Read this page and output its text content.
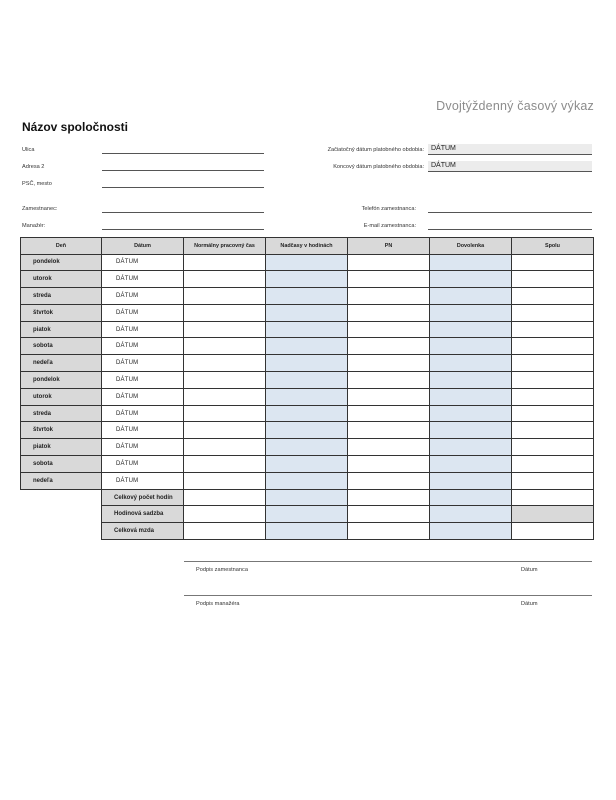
Dvojtýždenný časový výkaz
Názov spoločnosti
Ulica
Adresa 2
PSČ, mesto
Zamestnanec:
Manažér:
Začiatočný dátum platobného obdobia:	DÁTUM
Koncový dátum platobného obdobia:	DÁTUM
Telefón zamestnanca:
E-mail zamestnanca:
Deň	Dátum	Normálny pracovný čas	Nadčasy v hodinách	PN	Dovolenka	Spolu
pondelok	DÁTUM					
utorok	DÁTUM					
streda	DÁTUM					
štvrtok	DÁTUM					
piatok	DÁTUM					
sobota	DÁTUM					
nedeľa	DÁTUM					
pondelok	DÁTUM					
utorok	DÁTUM					
streda	DÁTUM					
štvrtok	DÁTUM					
piatok	DÁTUM					
sobota	DÁTUM					
nedeľa	DÁTUM					
	Celkový počet hodín					
	Hodinová sadzba					
	Celková mzda					
Podpis zamestnanca	Dátum
Podpis manažéra	Dátum
